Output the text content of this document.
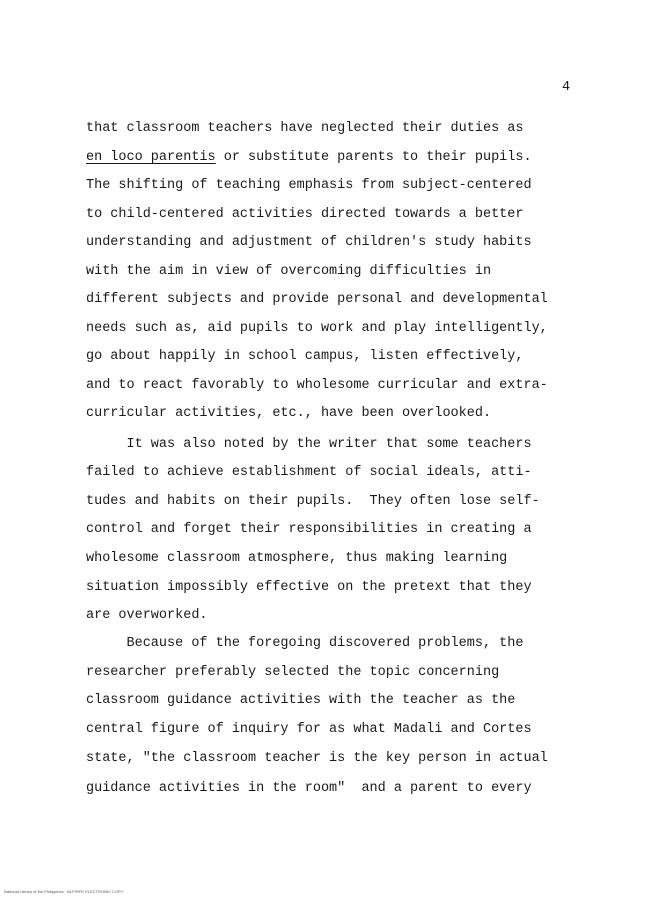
4

that classroom teachers have neglected their duties as

en loco parentis or substitute parents to their pupils.

The shifting of teaching emphasis from subject-centered

to child-centered activities directed towards a better

understanding and adjustment of children's study habits

with the aim in view of overcoming difficulties in

different subjects and provide personal and developmental

needs such as, aid pupils to work and play intelligently,

go about happily in school campus, listen effectively,

and to react favorably to wholesome curricular and extra-

curricular activities, etc., have been overlooked.

It was also noted by the writer that some teachers

failed to achieve establishment of social ideals, atti-

tudes and habits on their pupils.  They often lose self-

control and forget their responsibilities in creating a

wholesome classroom atmosphere, thus making learning

situation impossibly effective on the pretext that they

are overworked.

Because of the foregoing discovered problems, the

researcher preferably selected the topic concerning

classroom guidance activities with the teacher as the

central figure of inquiry for as what Madali and Cortes

state, "the classroom teacher is the key person in actual

guidance activities in the room"  and a parent to every

National Library of the Philippines · NLP/RFE ELECTRONIC COPY
